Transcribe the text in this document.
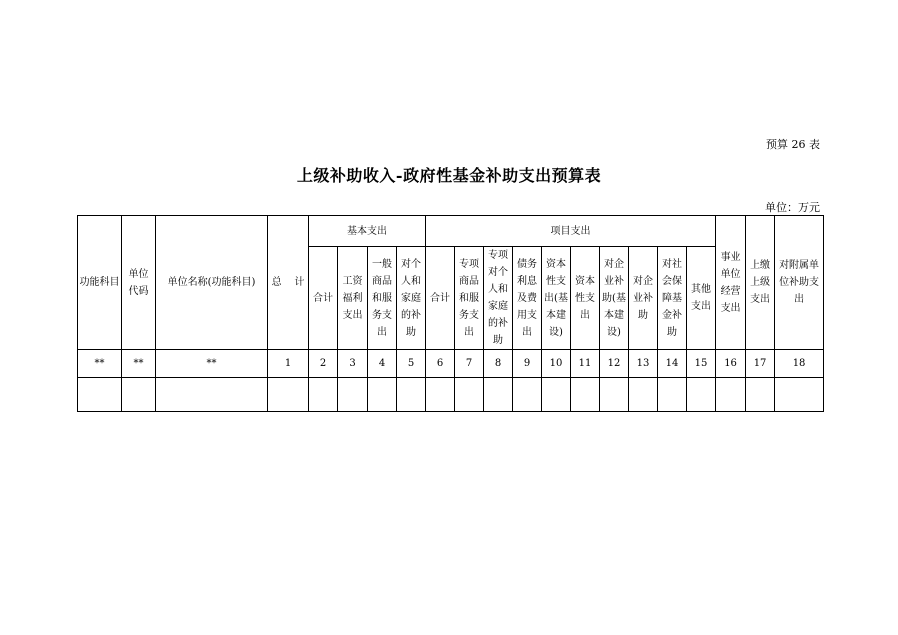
预算 26 表
上级补助收入-政府性基金补助支出预算表
单位：万元
功能科目	单位代码	单位名称(功能科目)	总    计	基本支出				项目支出										事业单位经营支出	上缴上级支出	对附属单位补助支出
				合计	工资福利支出	一般商品和服务支出	对个人和家庭的补助	合计	专项商品和服务支出	专项对个人和家庭的补助	债务利息及费用支出	资本性支出(基本建设)	资本性支出	对企业补助(基本建设)	对企业补助	对社会保障基金补助	其他支出			
**	**	**	1	2	3	4	5	6	7	8	9	10	11	12	13	14	15	16	17	18
